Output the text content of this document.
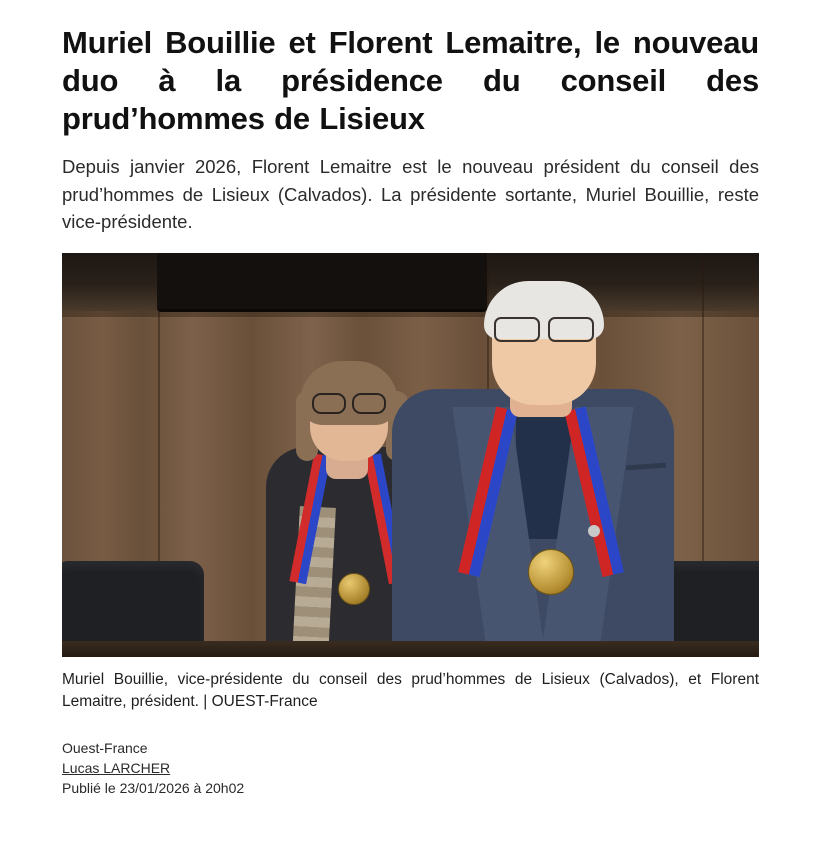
Muriel Bouillie et Florent Lemaitre, le nouveau duo à la présidence du conseil des prud’hommes de Lisieux

Depuis janvier 2026, Florent Lemaitre est le nouveau président du conseil des prud’hommes de Lisieux (Calvados). La présidente sortante, Muriel Bouillie, reste vice-présidente.

Muriel Bouillie, vice-présidente du conseil des prud’hommes de Lisieux (Calvados), et Florent Lemaitre, président. | OUEST-France
Ouest-France
Lucas LARCHER
Publié le 23/01/2026 à 20h02
